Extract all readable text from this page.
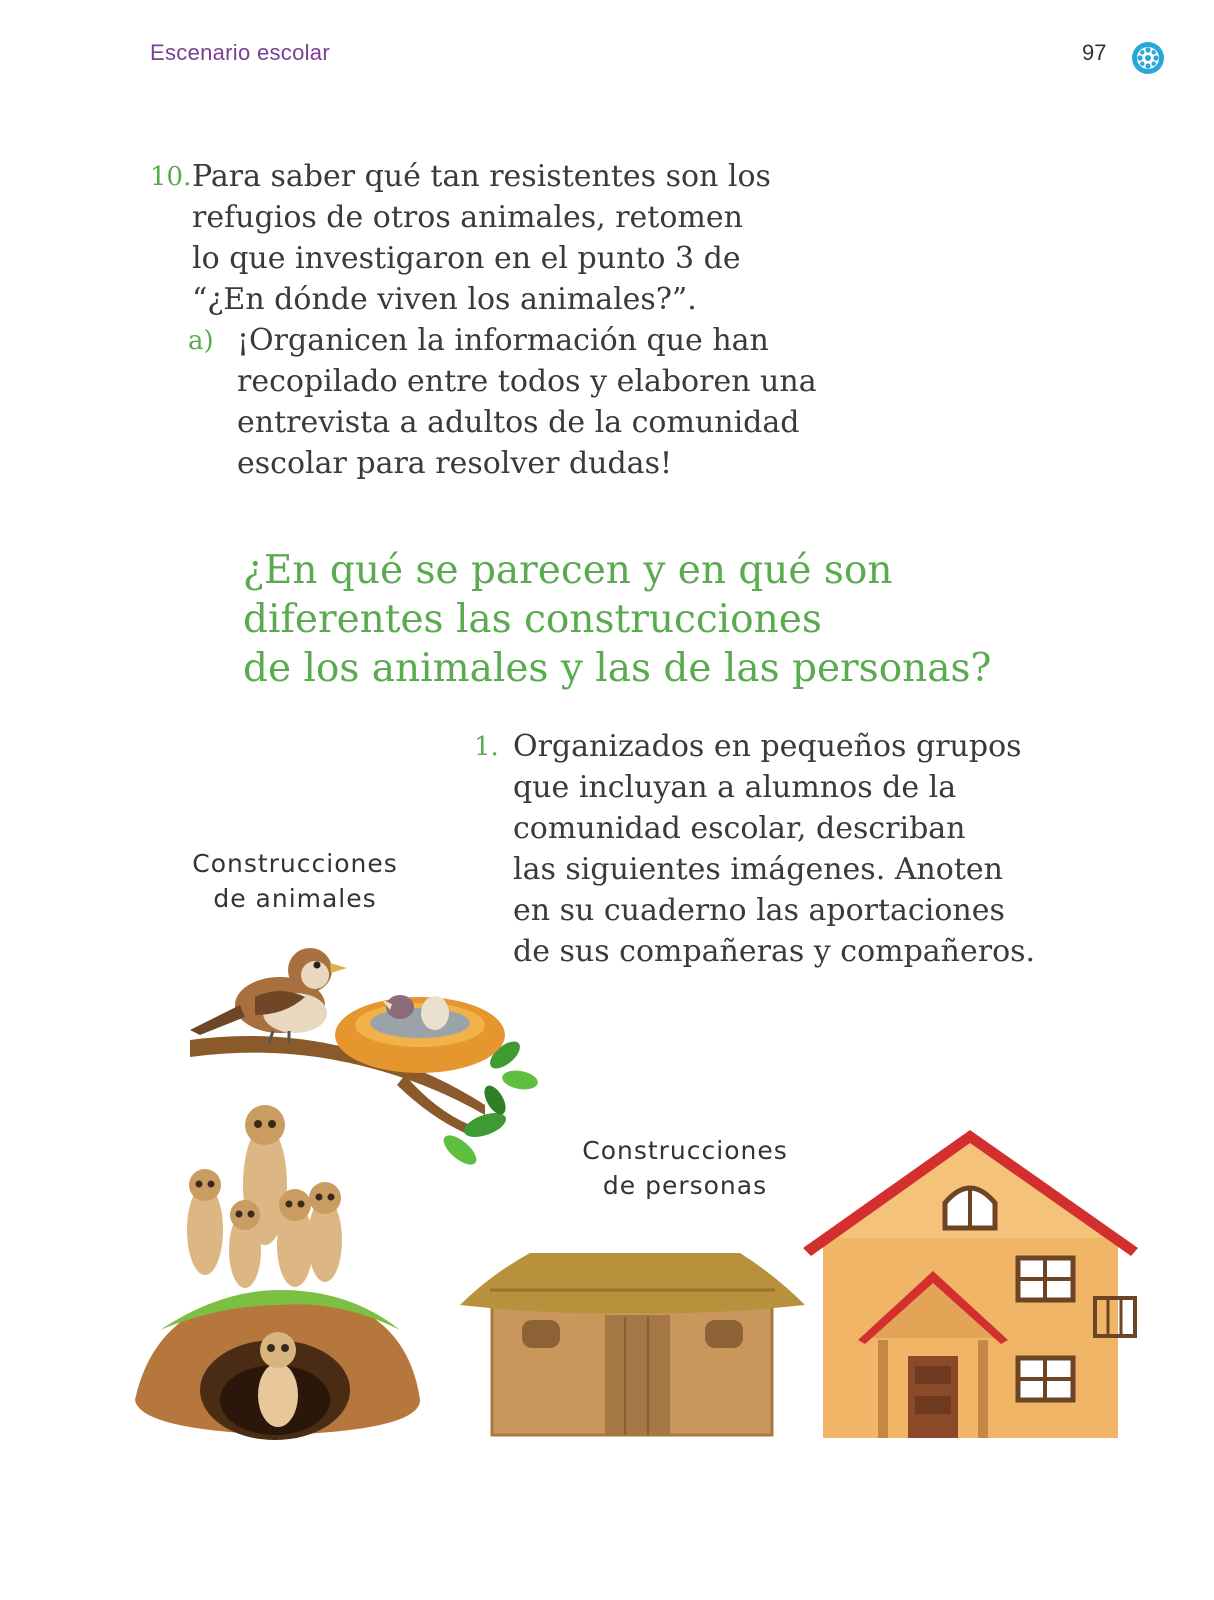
Escenario escolar	97
10. Para saber qué tan resistentes son los
refugios de otros animales, retomen
lo que investigaron en el punto 3 de
“¿En dónde viven los animales?”.
a) ¡Organicen la información que han
recopilado entre todos y elaboren una
entrevista a adultos de la comunidad
escolar para resolver dudas!
¿En qué se parecen y en qué son
diferentes las construcciones
de los animales y las de las personas?
1. Organizados en pequeños grupos
que incluyan a alumnos de la
comunidad escolar, describan
las siguientes imágenes. Anoten
en su cuaderno las aportaciones
de sus compañeras y compañeros.
Construcciones
de animales
Construcciones
de personas
